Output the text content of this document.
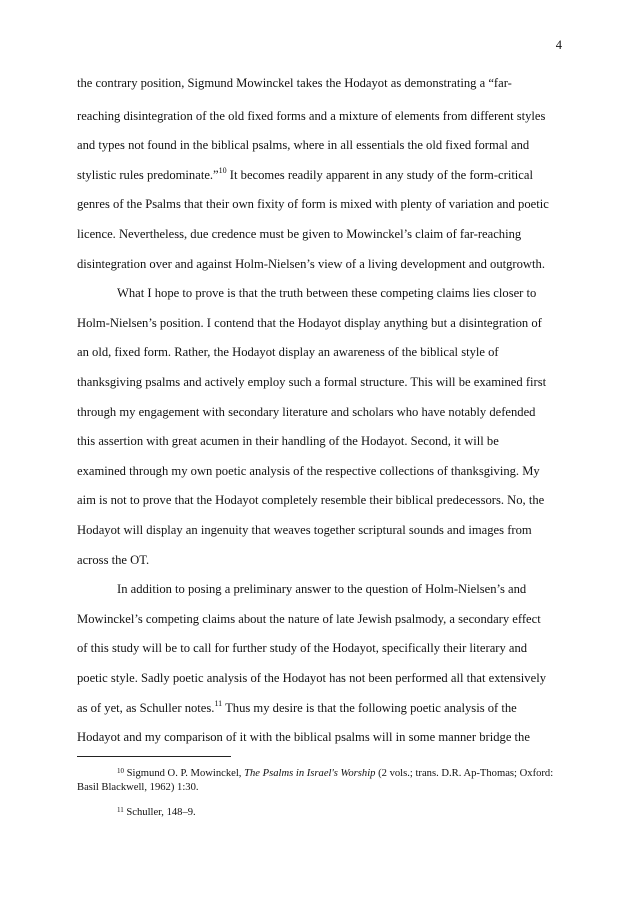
4
the contrary position, Sigmund Mowinckel takes the Hodayot as demonstrating a “far-
reaching disintegration of the old fixed forms and a mixture of elements from different styles
and types not found in the biblical psalms, where in all essentials the old fixed formal and
stylistic rules predominate.”$^{10}$ It becomes readily apparent in any study of the form-critical
genres of the Psalms that their own fixity of form is mixed with plenty of variation and poetic
licence. Nevertheless, due credence must be given to Mowinckel’s claim of far-reaching
disintegration over and against Holm-Nielsen’s view of a living development and outgrowth.
What I hope to prove is that the truth between these competing claims lies closer to
Holm-Nielsen’s position. I contend that the Hodayot display anything but a disintegration of
an old, fixed form. Rather, the Hodayot display an awareness of the biblical style of
thanksgiving psalms and actively employ such a formal structure. This will be examined first
through my engagement with secondary literature and scholars who have notably defended
this assertion with great acumen in their handling of the Hodayot. Second, it will be
examined through my own poetic analysis of the respective collections of thanksgiving. My
aim is not to prove that the Hodayot completely resemble their biblical predecessors. No, the
Hodayot will display an ingenuity that weaves together scriptural sounds and images from
across the OT.
In addition to posing a preliminary answer to the question of Holm-Nielsen’s and
Mowinckel’s competing claims about the nature of late Jewish psalmody, a secondary effect
of this study will be to call for further study of the Hodayot, specifically their literary and
poetic style. Sadly poetic analysis of the Hodayot has not been performed all that extensively
as of yet, as Schuller notes.$^{11}$ Thus my desire is that the following poetic analysis of the
Hodayot and my comparison of it with the biblical psalms will in some manner bridge the
$^{10}$ Sigmund O. P. Mowinckel, The Psalms in Israel's Worship (2 vols.; trans. D.R. Ap-Thomas; Oxford:
Basil Blackwell, 1962) 1:30.
$^{11}$ Schuller, 148–9.
